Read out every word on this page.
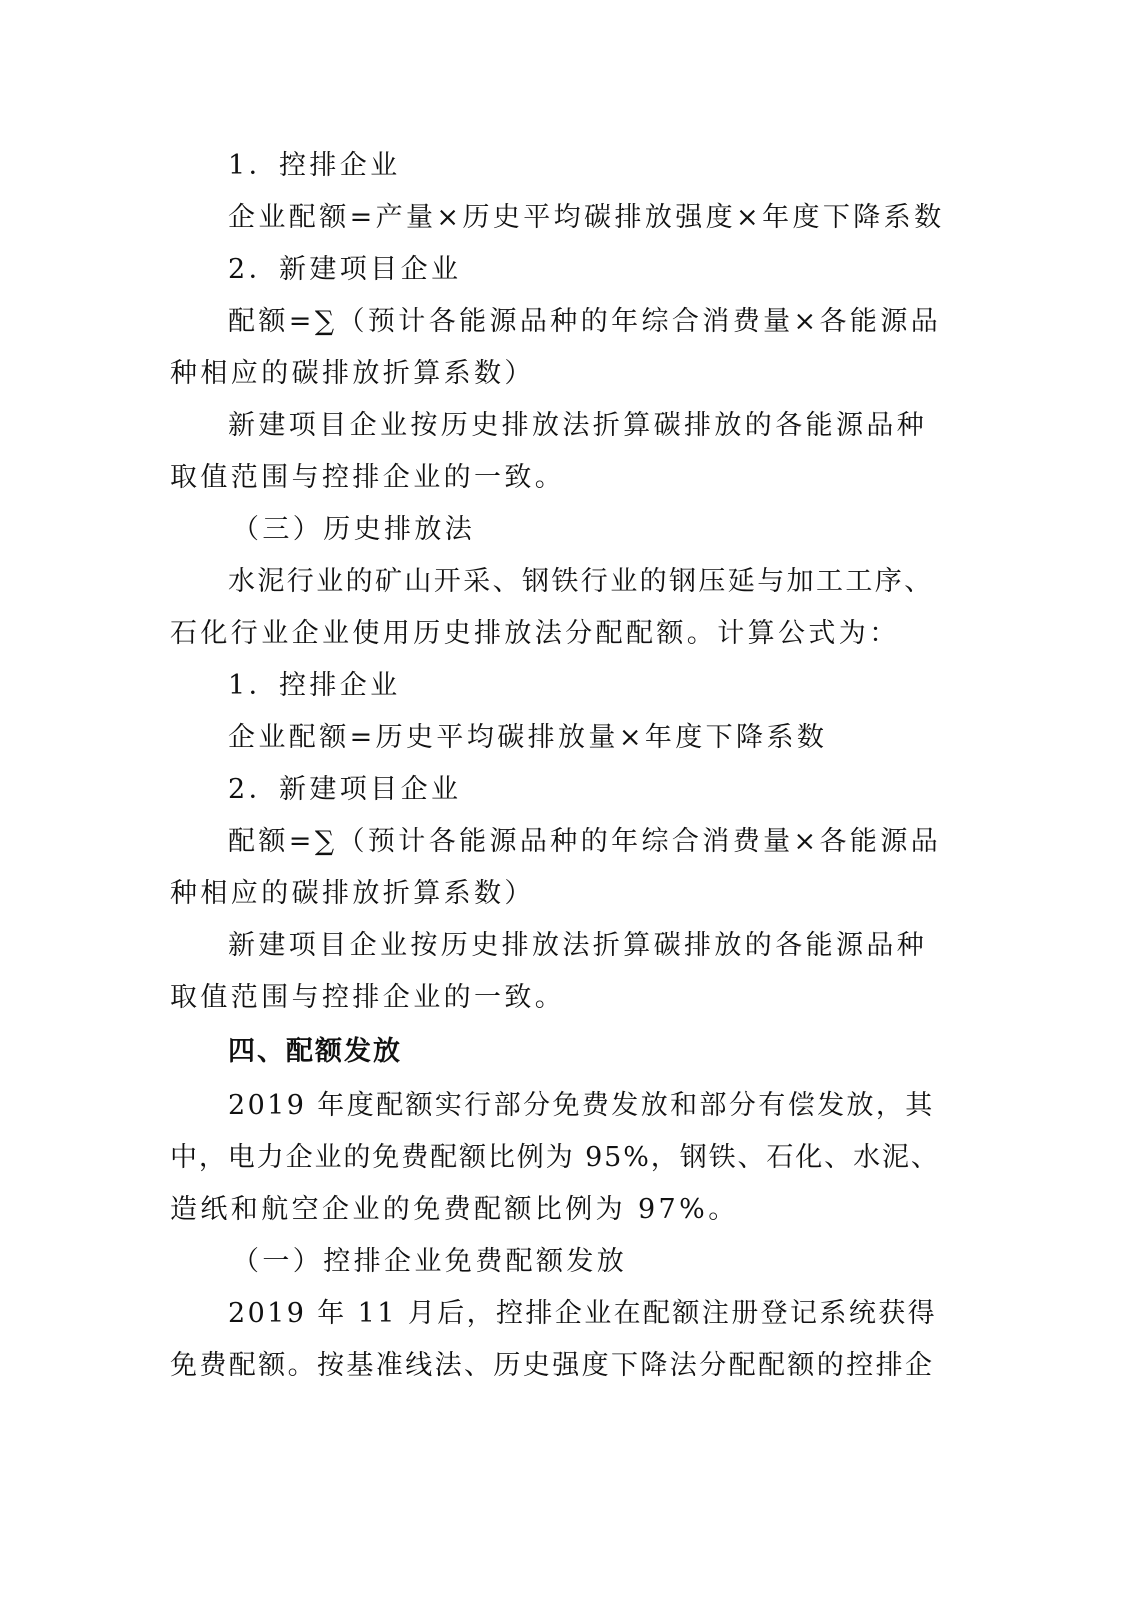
1．控排企业
企业配额=产量×历史平均碳排放强度×年度下降系数
2．新建项目企业
配额=∑（预计各能源品种的年综合消费量×各能源品
种相应的碳排放折算系数）
新建项目企业按历史排放法折算碳排放的各能源品种
取值范围与控排企业的一致。
（三）历史排放法
水泥行业的矿山开采、钢铁行业的钢压延与加工工序、
石化行业企业使用历史排放法分配配额。计算公式为：
1．控排企业
企业配额=历史平均碳排放量×年度下降系数
2．新建项目企业
配额=∑（预计各能源品种的年综合消费量×各能源品
种相应的碳排放折算系数）
新建项目企业按历史排放法折算碳排放的各能源品种
取值范围与控排企业的一致。
四、配额发放
2019 年度配额实行部分免费发放和部分有偿发放，其
中，电力企业的免费配额比例为 95%，钢铁、石化、水泥、
造纸和航空企业的免费配额比例为 97%。
（一）控排企业免费配额发放
2019 年 11 月后，控排企业在配额注册登记系统获得
免费配额。按基准线法、历史强度下降法分配配额的控排企
